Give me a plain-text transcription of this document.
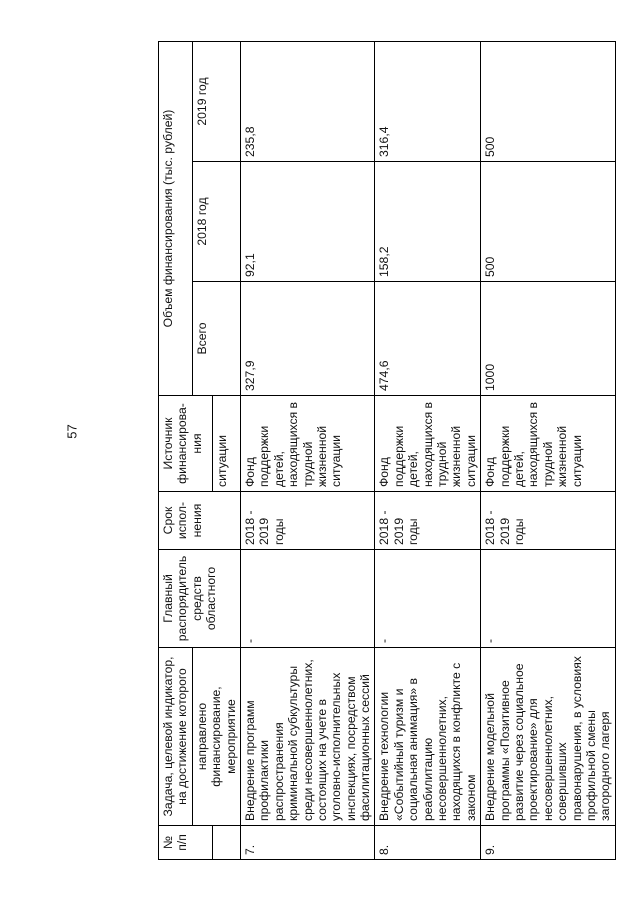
57
№ п/п	Задача, целевой индикатор, на достижение которого	Главный распорядитель средств областного	Срок испол-нения	Источник финансирова-ния	Объем финансирования (тыс. рублей)		
	направлено финансирование, мероприятие				Всего	2018 год	2019 год
				ситуации			
7.	Внедрение программ профилактики распространения криминальной субкультуры среди несовершеннолетних, состоящих на учете в уголовно-исполнительных инспекциях, посредством фасилитационных сессий	-	2018 - 2019 годы	Фонд поддержки детей, находящихся в трудной жизненной ситуации	327,9	92,1	235,8
8.	Внедрение технологии «Событийный туризм и социальная анимация» в реабилитацию несовершеннолетних, находящихся в конфликте с законом	-	2018 - 2019 годы	Фонд поддержки детей, находящихся в трудной жизненной ситуации	474,6	158,2	316,4
9.	Внедрение модельной программы «Позитивное развитие через социальное проектирование» для несовершеннолетних, совершивших правонарушения, в условиях профильной смены загородного лагеря	-	2018 - 2019 годы	Фонд поддержки детей, находящихся в трудной жизненной ситуации	1000	500	500
